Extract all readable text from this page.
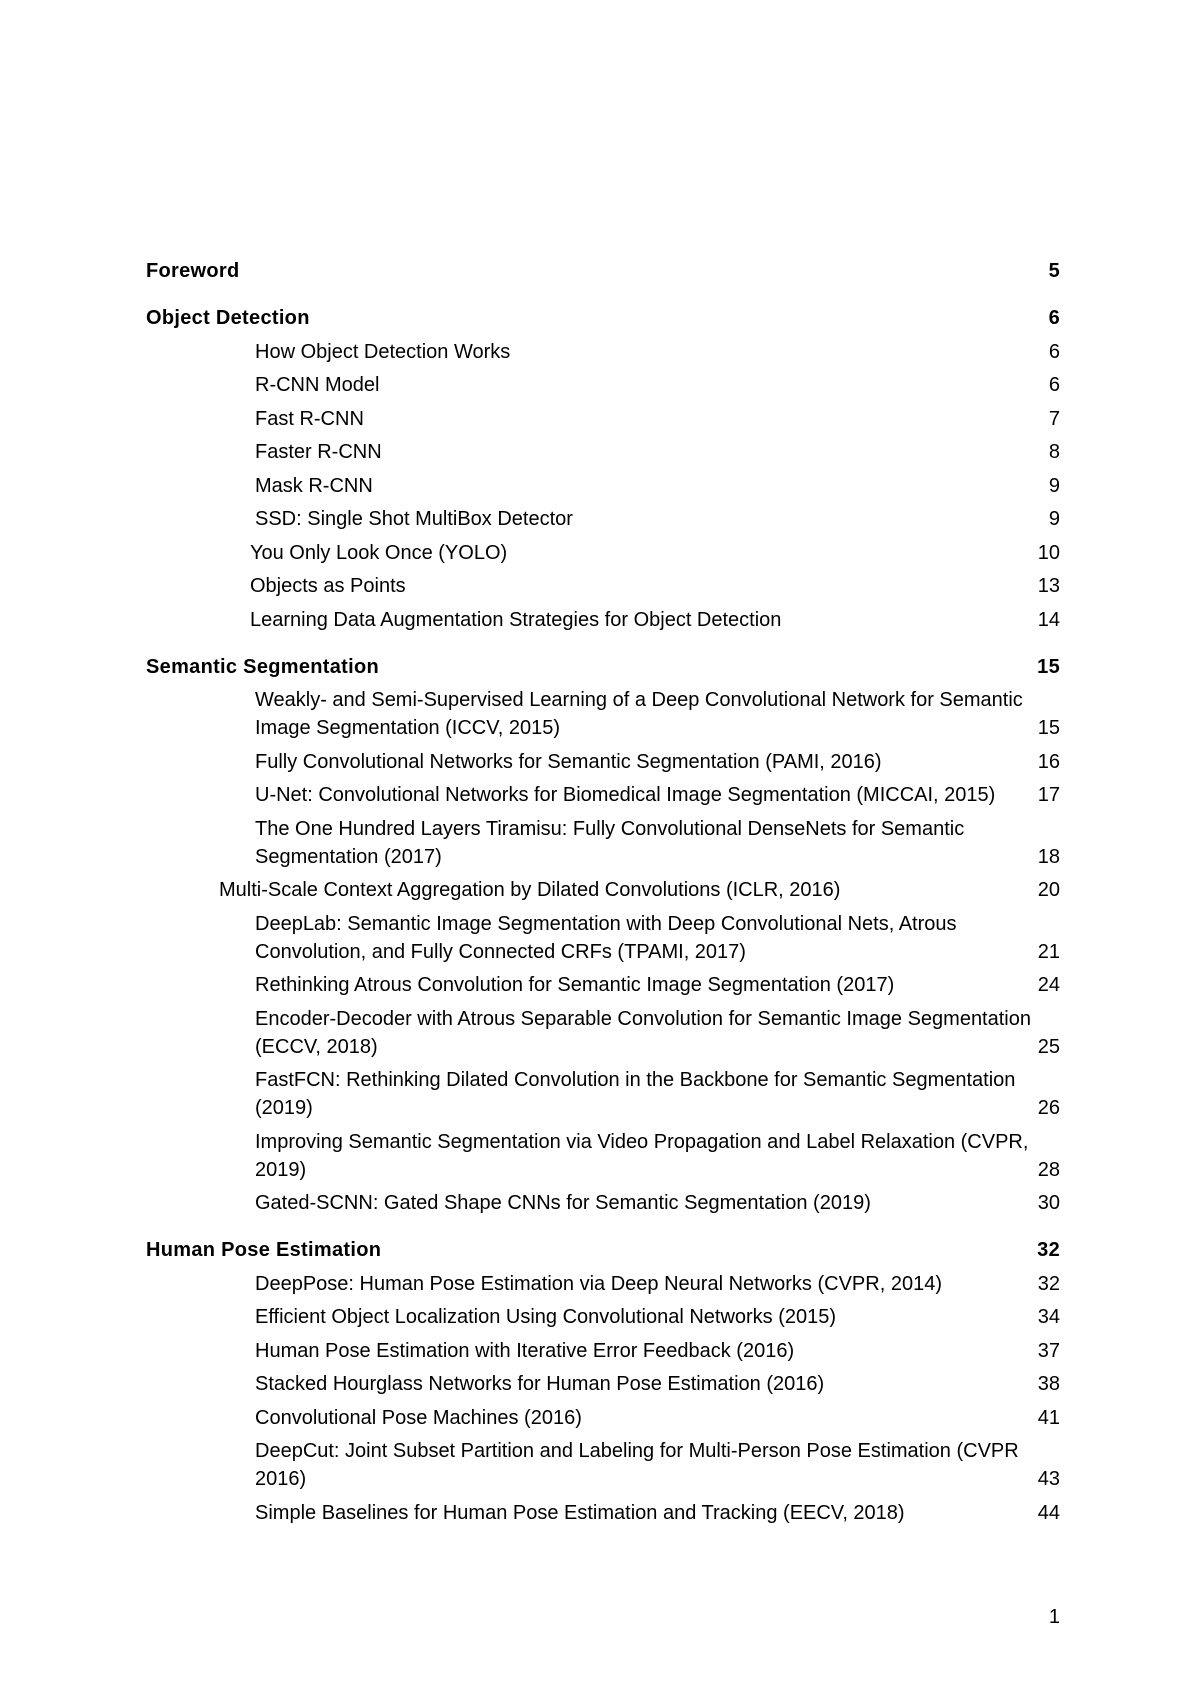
Foreword	5
Object Detection	6
How Object Detection Works	6
R-CNN Model	6
Fast R-CNN	7
Faster R-CNN	8
Mask R-CNN	9
SSD: Single Shot MultiBox Detector	9
You Only Look Once (YOLO)	10
Objects as Points	13
Learning Data Augmentation Strategies for Object Detection	14
Semantic Segmentation	15
Weakly- and Semi-Supervised Learning of a Deep Convolutional Network for Semantic Image Segmentation (ICCV, 2015)	15
Fully Convolutional Networks for Semantic Segmentation (PAMI, 2016)	16
U-Net: Convolutional Networks for Biomedical Image Segmentation (MICCAI, 2015) 17
The One Hundred Layers Tiramisu: Fully Convolutional DenseNets for Semantic Segmentation (2017)	18
Multi-Scale Context Aggregation by Dilated Convolutions (ICLR, 2016)	20
DeepLab: Semantic Image Segmentation with Deep Convolutional Nets, Atrous Convolution, and Fully Connected CRFs (TPAMI, 2017)	21
Rethinking Atrous Convolution for Semantic Image Segmentation (2017)	24
Encoder-Decoder with Atrous Separable Convolution for Semantic Image Segmentation (ECCV, 2018)	25
FastFCN: Rethinking Dilated Convolution in the Backbone for Semantic Segmentation (2019)	26
Improving Semantic Segmentation via Video Propagation and Label Relaxation (CVPR, 2019)	28
Gated-SCNN: Gated Shape CNNs for Semantic Segmentation (2019)	30
Human Pose Estimation	32
DeepPose: Human Pose Estimation via Deep Neural Networks (CVPR, 2014)	32
Efficient Object Localization Using Convolutional Networks (2015)	34
Human Pose Estimation with Iterative Error Feedback (2016)	37
Stacked Hourglass Networks for Human Pose Estimation (2016)	38
Convolutional Pose Machines (2016)	41
DeepCut: Joint Subset Partition and Labeling for Multi-Person Pose Estimation (CVPR 2016)	43
Simple Baselines for Human Pose Estimation and Tracking (EECV, 2018)	44
1
